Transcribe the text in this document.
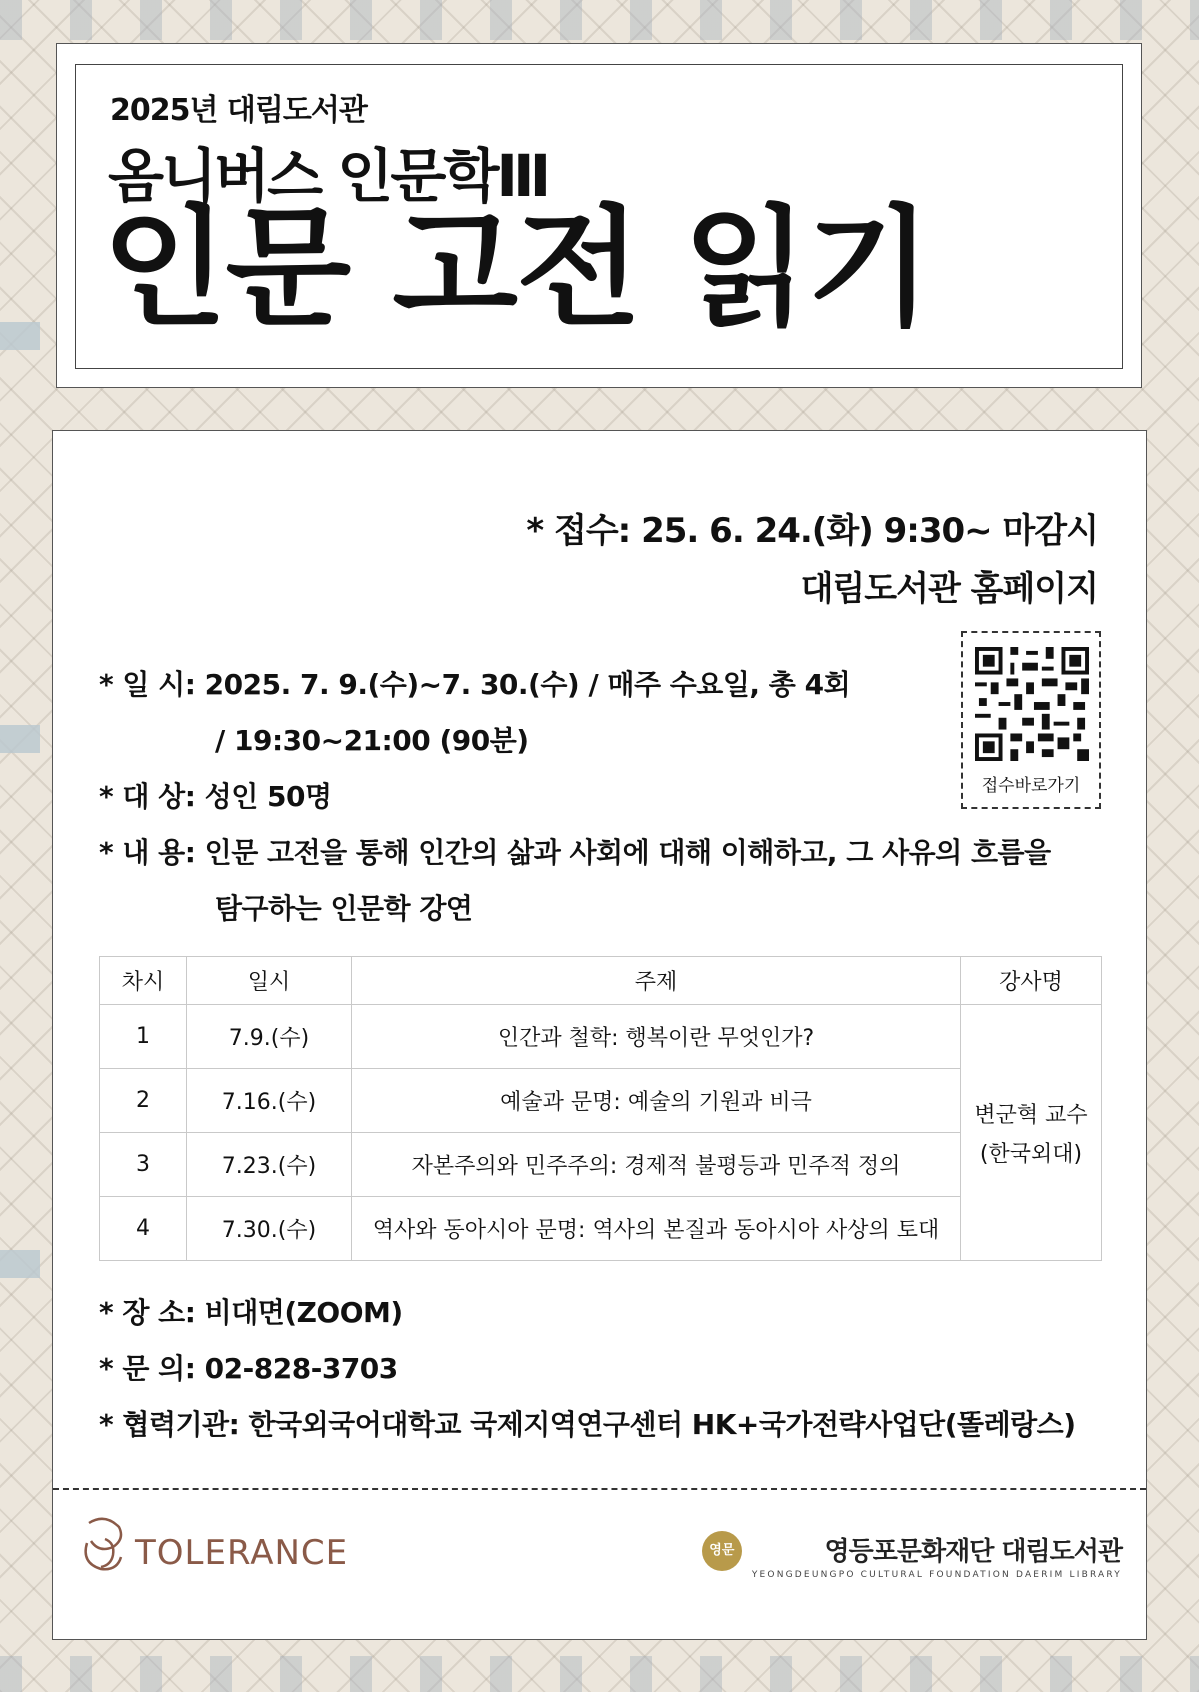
2025년 대림도서관
옴니버스 인문학Ⅲ
인문 고전 읽기
* 접수: 25. 6. 24.(화) 9:30~ 마감시
대림도서관 홈페이지
접수바로가기
* 일 시: 2025. 7. 9.(수)~7. 30.(수) / 매주 수요일, 총 4회
/ 19:30~21:00 (90분)
* 대 상: 성인 50명
* 내 용: 인문 고전을 통해 인간의 삶과 사회에 대해 이해하고, 그 사유의 흐름을
탐구하는 인문학 강연
차시	일시	주제	강사명
1	7.9.(수)	인간과 철학: 행복이란 무엇인가?	변군혁 교수
(한국외대)

2	7.16.(수)	예술과 문명: 예술의 기원과 비극	
3	7.23.(수)	자본주의와 민주주의: 경제적 불평등과 민주적 정의	
4	7.30.(수)	역사와 동아시아 문명: 역사의 본질과 동아시아 사상의 토대	
* 장 소: 비대면(ZOOM)
* 문 의: 02-828-3703
* 협력기관: 한국외국어대학교 국제지역연구센터 HK+국가전략사업단(똘레랑스)
TOLERANCE	영문	영등포문화재단 대림도서관
YEONGDEUNGPO CULTURAL FOUNDATION DAERIM LIBRARY
